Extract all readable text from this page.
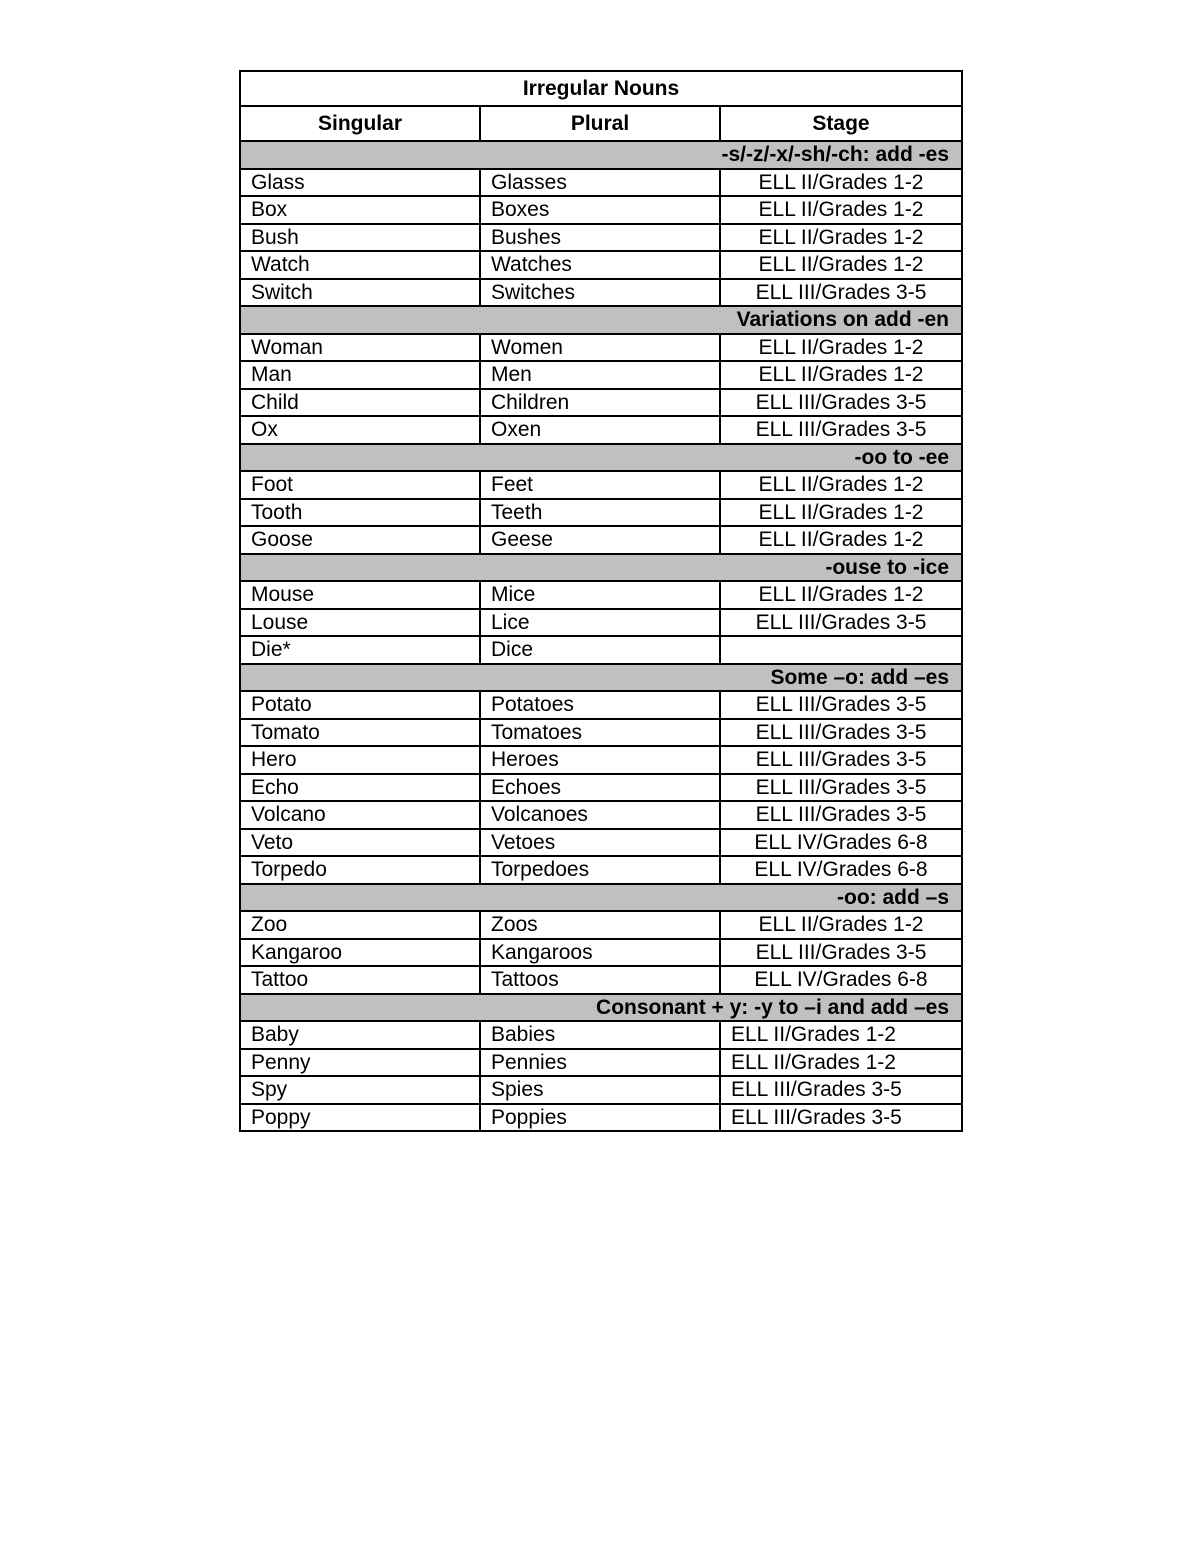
Irregular Nouns		
Singular	Plural	Stage
-s/-z/-x/-sh/-ch: add -es		
Glass	Glasses	ELL II/Grades 1-2
Box	Boxes	ELL II/Grades 1-2
Bush	Bushes	ELL II/Grades 1-2
Watch	Watches	ELL II/Grades 1-2
Switch	Switches	ELL III/Grades 3-5
Variations on add -en		
Woman	Women	ELL II/Grades 1-2
Man	Men	ELL II/Grades 1-2
Child	Children	ELL III/Grades 3-5
Ox	Oxen	ELL III/Grades 3-5
-oo to -ee		
Foot	Feet	ELL II/Grades 1-2
Tooth	Teeth	ELL II/Grades 1-2
Goose	Geese	ELL II/Grades 1-2
-ouse to -ice		
Mouse	Mice	ELL II/Grades 1-2
Louse	Lice	ELL III/Grades 3-5
Die*	Dice	
Some –o: add –es		
Potato	Potatoes	ELL III/Grades 3-5
Tomato	Tomatoes	ELL III/Grades 3-5
Hero	Heroes	ELL III/Grades 3-5
Echo	Echoes	ELL III/Grades 3-5
Volcano	Volcanoes	ELL III/Grades 3-5
Veto	Vetoes	ELL IV/Grades 6-8
Torpedo	Torpedoes	ELL IV/Grades 6-8
-oo: add –s		
Zoo	Zoos	ELL II/Grades 1-2
Kangaroo	Kangaroos	ELL III/Grades 3-5
Tattoo	Tattoos	ELL IV/Grades 6-8
Consonant + y: -y to –i and add –es		
Baby	Babies	ELL II/Grades 1-2
Penny	Pennies	ELL II/Grades 1-2
Spy	Spies	ELL III/Grades 3-5
Poppy	Poppies	ELL III/Grades 3-5
